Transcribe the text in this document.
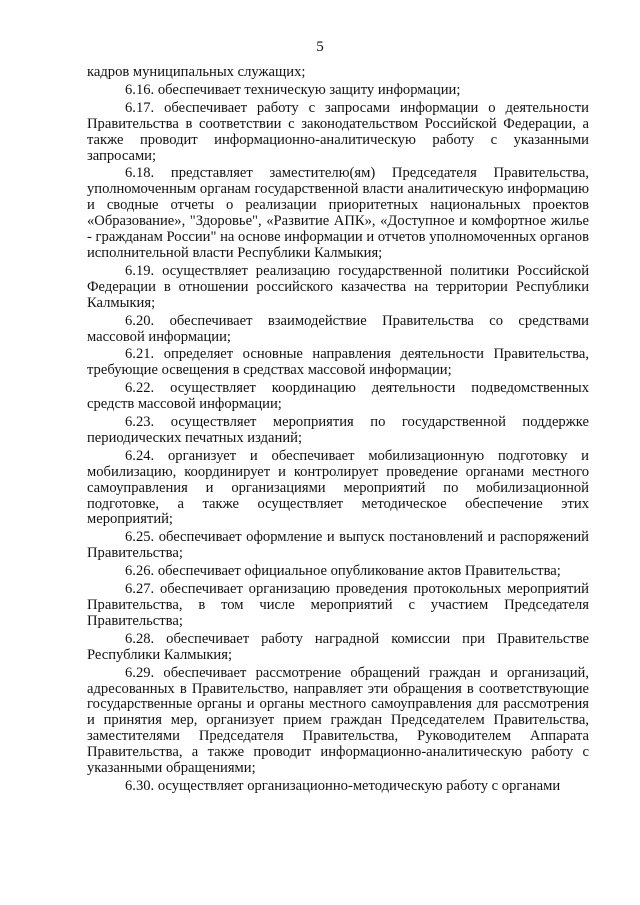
5

кадров муниципальных служащих;

6.16. обеспечивает техническую защиту информации;

6.17. обеспечивает работу с запросами информации о деятельности Правительства в соответствии с законодательством Российской Федерации, а также проводит информационно-аналитическую работу с указанными запросами;

6.18. представляет заместителю(ям) Председателя Правительства, уполномоченным органам государственной власти аналитическую информацию и сводные отчеты о реализации приоритетных национальных проектов «Образование», "Здоровье", «Развитие АПК», «Доступное и комфортное жилье - гражданам России" на основе информации и отчетов уполномоченных органов исполнительной власти Республики Калмыкия;

6.19. осуществляет реализацию государственной политики Российской Федерации в отношении российского казачества на территории Республики Калмыкия;

6.20. обеспечивает взаимодействие Правительства со средствами массовой информации;

6.21. определяет основные направления деятельности Правительства, требующие освещения в средствах массовой информации;

6.22. осуществляет координацию деятельности подведомственных средств массовой информации;

6.23. осуществляет мероприятия по государственной поддержке периодических печатных изданий;

6.24. организует и обеспечивает мобилизационную подготовку и мобилизацию, координирует и контролирует проведение органами местного самоуправления и организациями мероприятий по мобилизационной подготовке, а также осуществляет методическое обеспечение этих мероприятий;

6.25. обеспечивает оформление и выпуск постановлений и распоряжений Правительства;

6.26. обеспечивает официальное опубликование актов Правительства;

6.27. обеспечивает организацию проведения протокольных мероприятий Правительства, в том числе мероприятий с участием Председателя Правительства;

6.28. обеспечивает работу наградной комиссии при Правительстве Республики Калмыкия;

6.29. обеспечивает рассмотрение обращений граждан и организаций, адресованных в Правительство, направляет эти обращения в соответствующие государственные органы и органы местного самоуправления для рассмотрения и принятия мер, организует прием граждан Председателем Правительства, заместителями Председателя Правительства, Руководителем Аппарата Правительства, а также проводит информационно-аналитическую работу с указанными обращениями;

6.30. осуществляет организационно-методическую работу с органами
